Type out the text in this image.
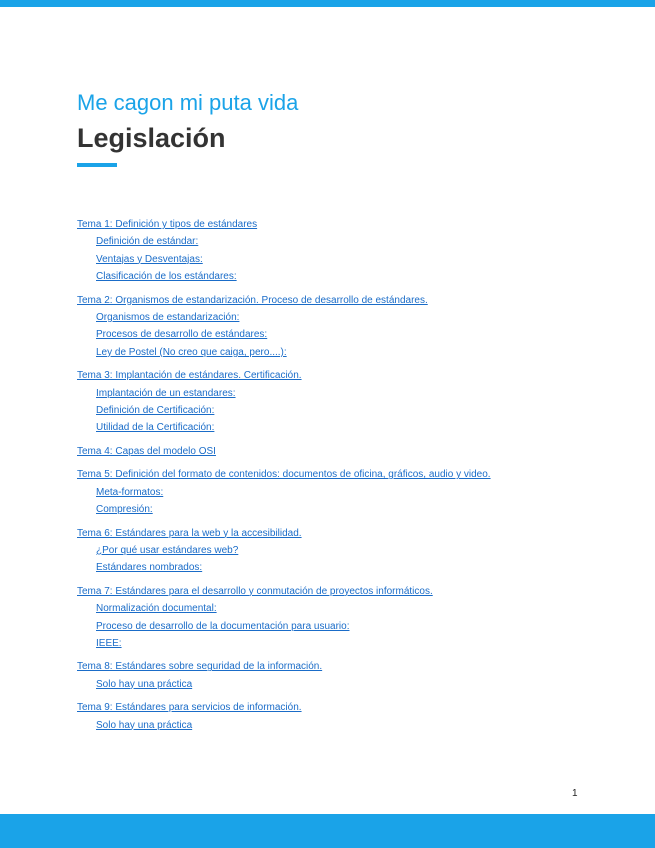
Me cagon mi puta vida
Legislación
Tema 1: Definición y tipos de estándares
Definición de estándar:
Ventajas y Desventajas:
Clasificación de los estándares:
Tema 2: Organismos de estandarización. Proceso de desarrollo de estándares.
Organismos de estandarización:
Procesos de desarrollo de estándares:
Ley de Postel (No creo que caiga, pero....):
Tema 3: Implantación de estándares. Certificación.
Implantación de un estandares:
Definición de Certificación:
Utilidad de la Certificación:
Tema 4: Capas del modelo OSI
Tema 5: Definición del formato de contenidos: documentos de oficina, gráficos, audio y video.
Meta-formatos:
Compresión:
Tema 6: Estándares para la web y la accesibilidad.
¿Por qué usar estándares web?
Estándares nombrados:
Tema 7: Estándares para el desarrollo y conmutación de proyectos informáticos.
Normalización documental:
Proceso de desarrollo de la documentación para usuario:
IEEE:
Tema 8: Estándares sobre seguridad de la información.
Solo hay una práctica
Tema 9: Estándares para servicios de información.
Solo hay una práctica
1
